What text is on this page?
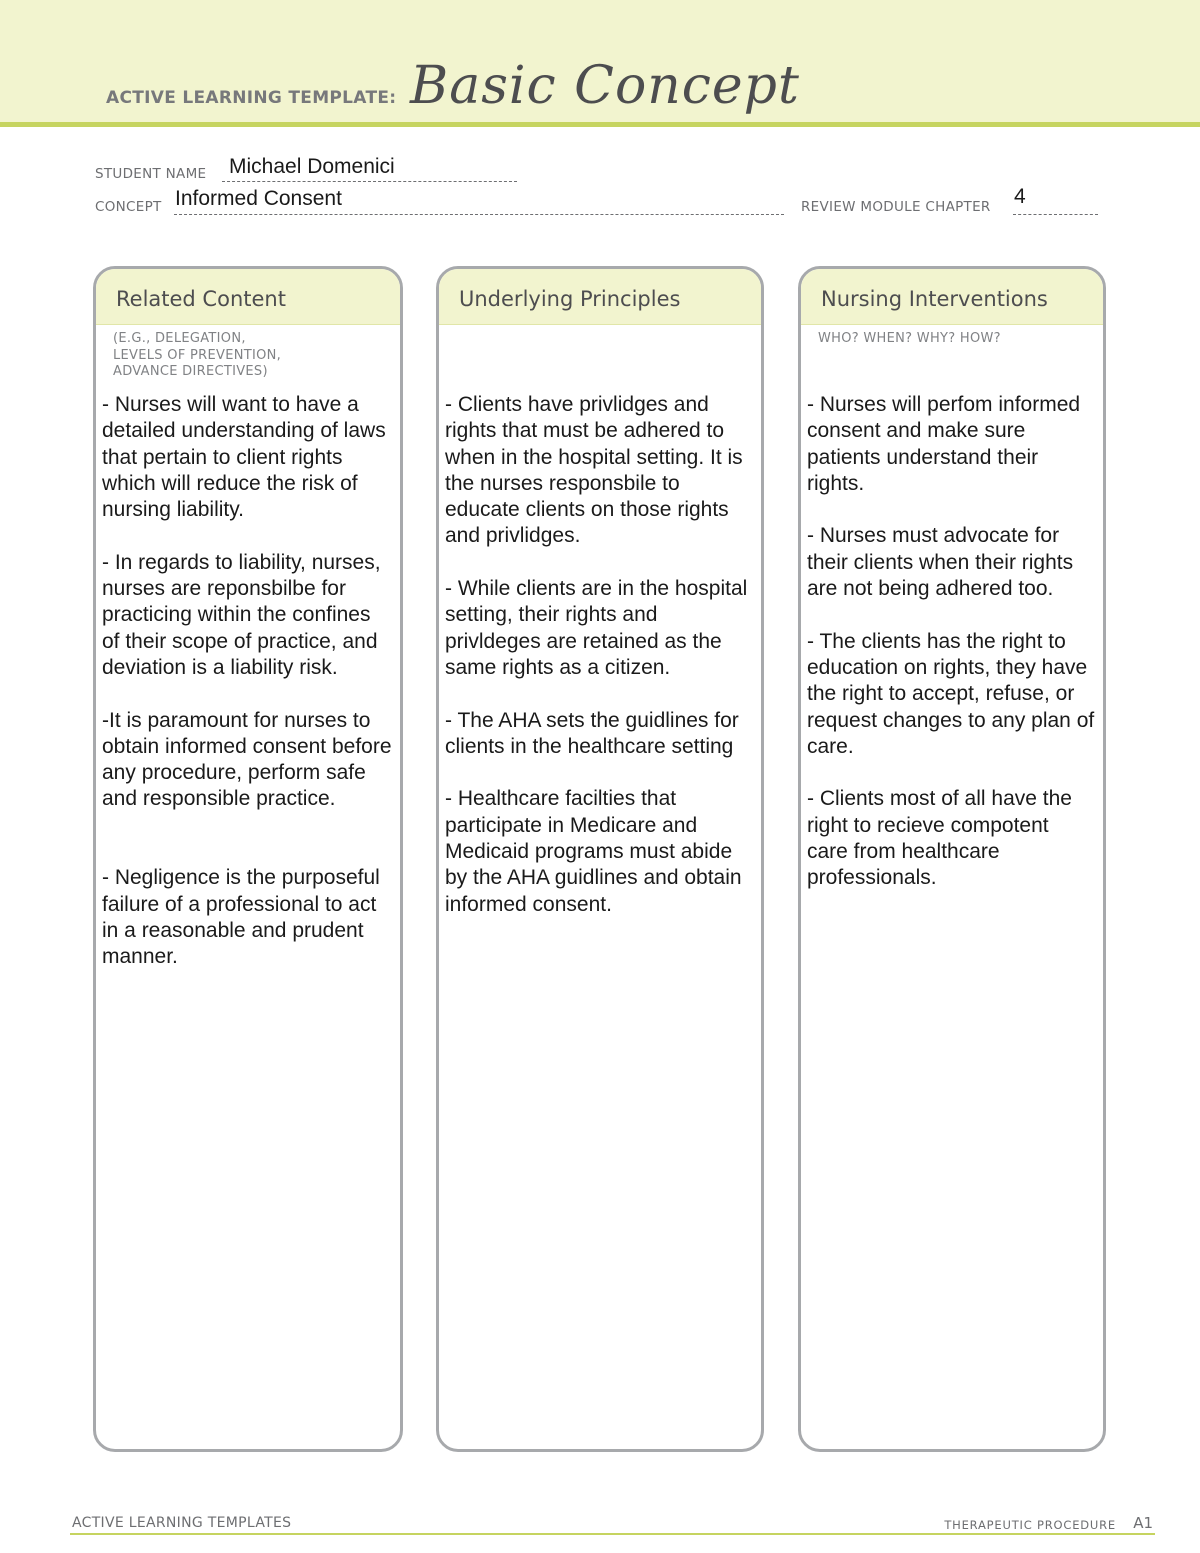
ACTIVE LEARNING TEMPLATE: Basic Concept
STUDENT NAME Michael Domenici
CONCEPT Informed Consent	REVIEW MODULE CHAPTER 4
Related Content
(E.G., DELEGATION,
LEVELS OF PREVENTION,
ADVANCE DIRECTIVES)

- Nurses will want to have a detailed understanding of laws that pertain to client rights which will reduce the risk of nursing liability.

- In regards to liability, nurses, nurses are reponsbilbe for practicing within the confines of their scope of practice, and deviation is a liability risk.

-It is paramount for nurses to obtain informed consent before any procedure, perform safe and responsible practice.

- Negligence is the purposeful failure of a professional to act in a reasonable and prudent manner.

Underlying Principles

- Clients have privlidges and rights that must be adhered to when in the hospital setting. It is the nurses responsbile to educate clients on those rights and privlidges.

- While clients are in the hospital setting, their rights and privldeges are retained as the same rights as a citizen.

- The AHA sets the guidlines for clients in the healthcare setting

- Healthcare facilties that participate in Medicare and Medicaid programs must abide by the AHA guidlines and obtain informed consent.

Nursing Interventions
WHO? WHEN? WHY? HOW?

- Nurses will perfom informed consent and make sure patients understand their rights.

- Nurses must advocate for their clients when their rights are not being adhered too.

- The clients has the right to education on rights, they have the right to accept, refuse, or request changes to any plan of care.

- Clients most of all have the right to recieve compotent care from healthcare professionals.

ACTIVE LEARNING TEMPLATES	THERAPEUTIC PROCEDURE A1
